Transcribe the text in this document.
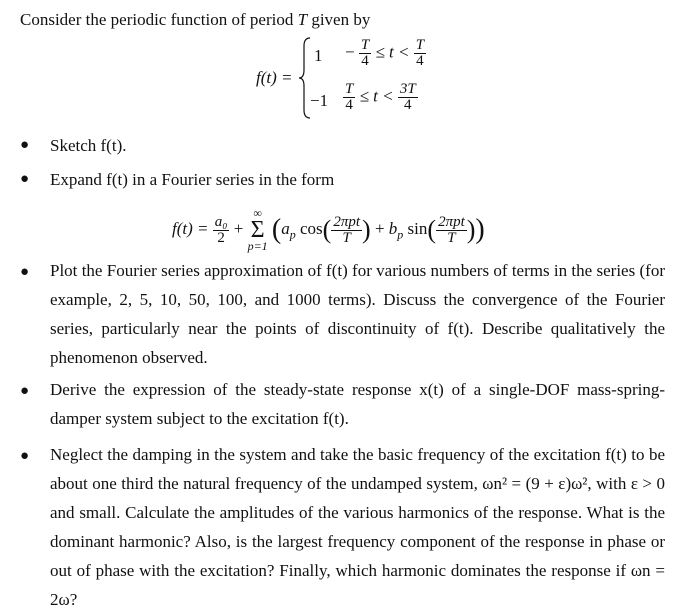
Consider the periodic function of period T given by
f(t) =
$1 - \frac{T}{4} \le t < \frac{T}{4}$
$-1 \frac{T}{4} \le t < \frac{3T}{4}$
● Sketch f(t).
● Expand f(t) in a Fourier series in the form
$f(t) = \frac{\text{a₀}}{2}$ +
∞
Σ
p=1
($a_p$ $\cos( \frac{\text{2πpt}}{T}$ ) + $b_p$ $\sin( \frac{\text{2πpt}}{T}$ ))
● Plot the Fourier series approximation of f(t) for various numbers of terms in the series (for example, 2, 5, 10, 50, 100, and 1000 terms). Discuss the convergence of the Fourier series, particularly near the points of discontinuity of f(t). Describe qualitatively the phenomenon observed.
● Derive the expression of the steady-state response x(t) of a single-DOF mass-spring-damper system subject to the excitation f(t).
● Neglect the damping in the system and take the basic frequency of the excitation f(t) to be about one third the natural frequency of the undamped system, ωn² = (9 + ε)ω², with ε > 0 and small. Calculate the amplitudes of the various harmonics of the response. What is the dominant harmonic? Also, is the largest frequency component of the response in phase or out of phase with the excitation? Finally, which harmonic dominates the response if ωn = 2ω?
